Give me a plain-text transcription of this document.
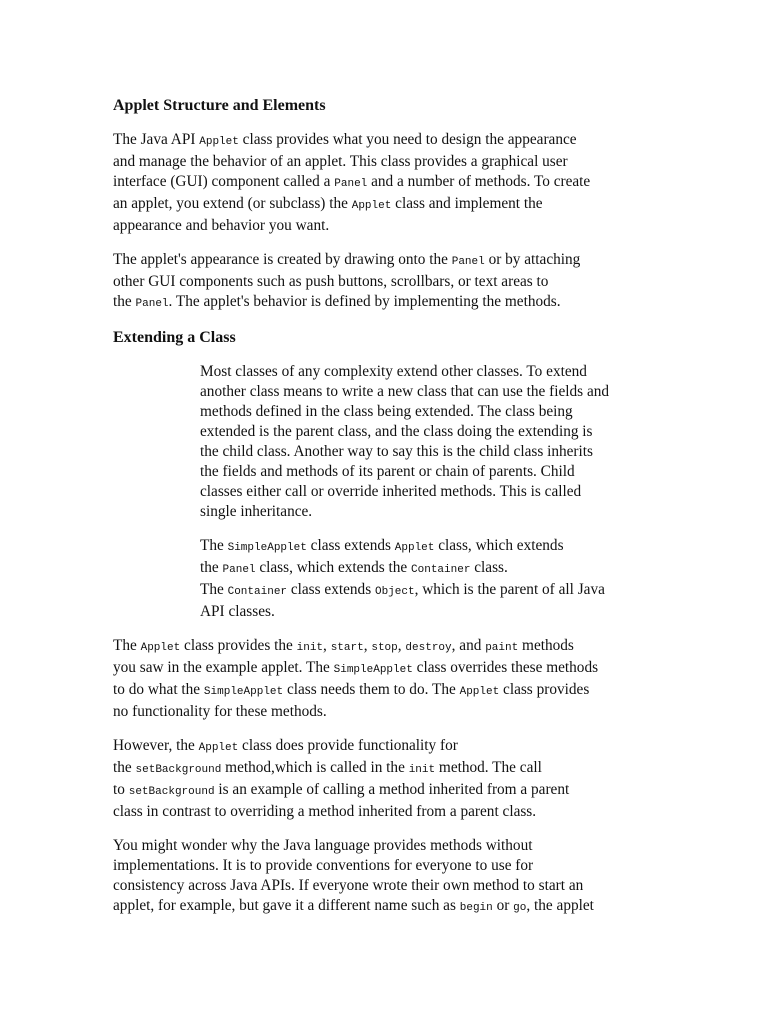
Applet Structure and Elements
The Java API Applet class provides what you need to design the appearance
and manage the behavior of an applet. This class provides a graphical user
interface (GUI) component called a Panel and a number of methods. To create
an applet, you extend (or subclass) the Applet class and implement the
appearance and behavior you want.
The applet's appearance is created by drawing onto the Panel or by attaching
other GUI components such as push buttons, scrollbars, or text areas to
the Panel. The applet's behavior is defined by implementing the methods.
Extending a Class
Most classes of any complexity extend other classes. To extend
another class means to write a new class that can use the fields and
methods defined in the class being extended. The class being
extended is the parent class, and the class doing the extending is
the child class. Another way to say this is the child class inherits
the fields and methods of its parent or chain of parents. Child
classes either call or override inherited methods. This is called
single inheritance.
The SimpleApplet class extends Applet class, which extends
the Panel class, which extends the Container class.
The Container class extends Object, which is the parent of all Java
API classes.
The Applet class provides the init, start, stop, destroy, and paint methods
you saw in the example applet. The SimpleApplet class overrides these methods
to do what the SimpleApplet class needs them to do. The Applet class provides
no functionality for these methods.
However, the Applet class does provide functionality for
the setBackground method,which is called in the init method. The call
to setBackground is an example of calling a method inherited from a parent
class in contrast to overriding a method inherited from a parent class.
You might wonder why the Java language provides methods without
implementations. It is to provide conventions for everyone to use for
consistency across Java APIs. If everyone wrote their own method to start an
applet, for example, but gave it a different name such as begin or go, the applet
